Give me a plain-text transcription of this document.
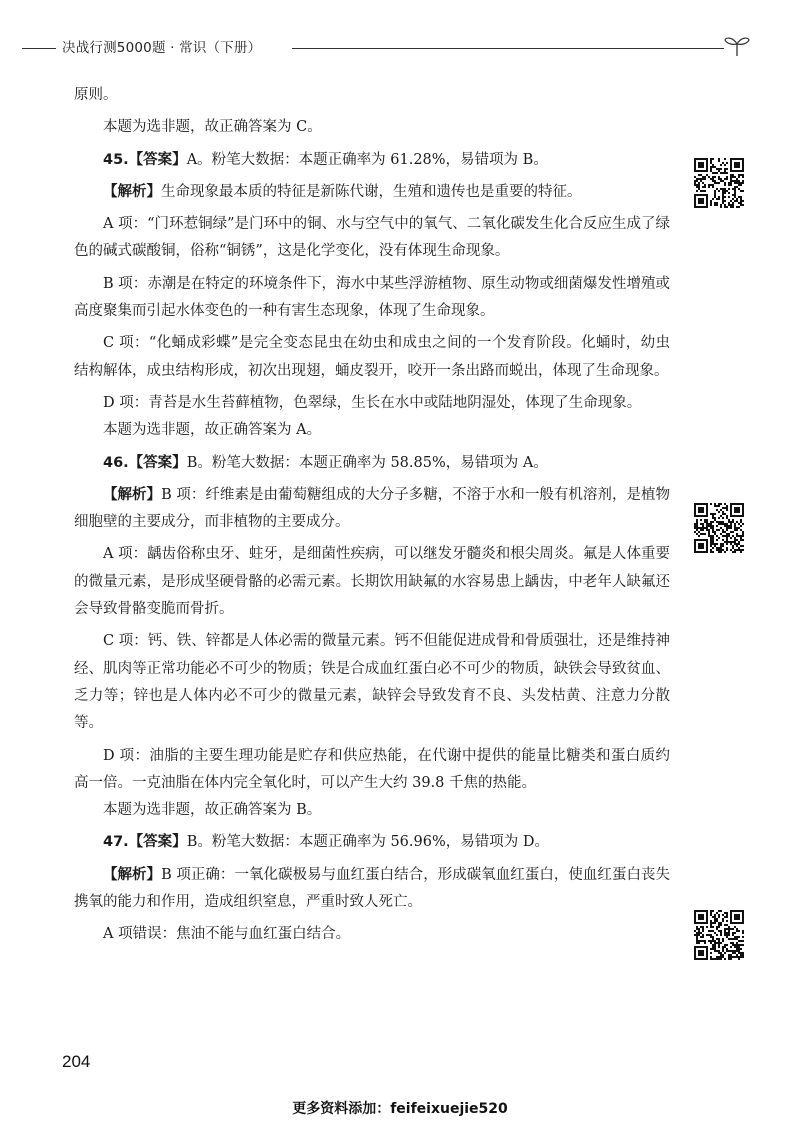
决战行测5000题 · 常识（下册）

原则。

本题为选非题，故正确答案为 C。

45.【答案】A。粉笔大数据：本题正确率为 61.28%，易错项为 B。

【解析】生命现象最本质的特征是新陈代谢，生殖和遗传也是重要的特征。

A 项：“门环惹铜绿”是门环中的铜、水与空气中的氧气、二氧化碳发生化合反应生成了绿色的碱式碳酸铜，俗称“铜锈”，这是化学变化，没有体现生命现象。

B 项：赤潮是在特定的环境条件下，海水中某些浮游植物、原生动物或细菌爆发性增殖或高度聚集而引起水体变色的一种有害生态现象，体现了生命现象。

C 项：“化蛹成彩蝶”是完全变态昆虫在幼虫和成虫之间的一个发育阶段。化蛹时，幼虫结构解体，成虫结构形成，初次出现翅，蛹皮裂开，咬开一条出路而蜕出，体现了生命现象。

D 项：青苔是水生苔藓植物，色翠绿，生长在水中或陆地阴湿处，体现了生命现象。

本题为选非题，故正确答案为 A。

46.【答案】B。粉笔大数据：本题正确率为 58.85%，易错项为 A。

【解析】B 项：纤维素是由葡萄糖组成的大分子多糖，不溶于水和一般有机溶剂，是植物细胞壁的主要成分，而非植物的主要成分。

A 项：龋齿俗称虫牙、蛀牙，是细菌性疾病，可以继发牙髓炎和根尖周炎。氟是人体重要的微量元素，是形成坚硬骨骼的必需元素。长期饮用缺氟的水容易患上龋齿，中老年人缺氟还会导致骨骼变脆而骨折。

C 项：钙、铁、锌都是人体必需的微量元素。钙不但能促进成骨和骨质强壮，还是维持神经、肌肉等正常功能必不可少的物质；铁是合成血红蛋白必不可少的物质，缺铁会导致贫血、乏力等；锌也是人体内必不可少的微量元素，缺锌会导致发育不良、头发枯黄、注意力分散等。

D 项：油脂的主要生理功能是贮存和供应热能，在代谢中提供的能量比糖类和蛋白质约高一倍。一克油脂在体内完全氧化时，可以产生大约 39.8 千焦的热能。

本题为选非题，故正确答案为 B。

47.【答案】B。粉笔大数据：本题正确率为 56.96%，易错项为 D。

【解析】B 项正确：一氧化碳极易与血红蛋白结合，形成碳氧血红蛋白，使血红蛋白丧失携氧的能力和作用，造成组织窒息，严重时致人死亡。

A 项错误：焦油不能与血红蛋白结合。

204
更多资料添加：feifeixuejie520
